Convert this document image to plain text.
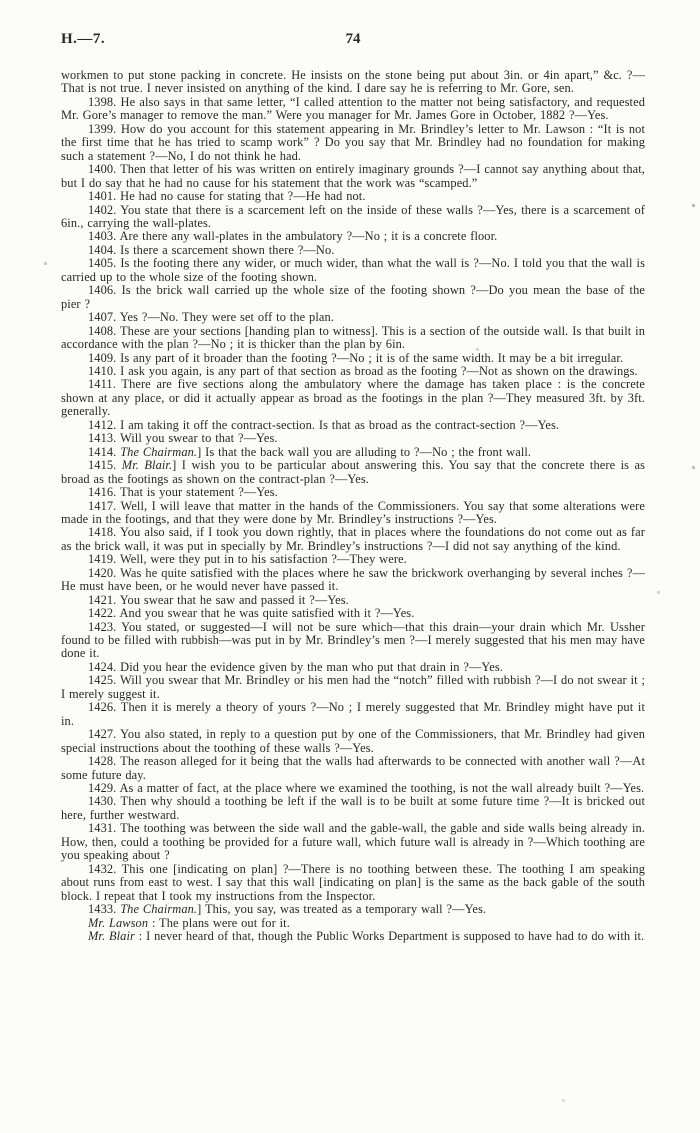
H.—7.	74

workmen to put stone packing in concrete. He insists on the stone being put about 3in. or 4in apart,” &c. ?—That is not true. I never insisted on anything of the kind. I dare say he is referring to Mr. Gore, sen.

1398. He also says in that same letter, “I called attention to the matter not being satisfactory, and requested Mr. Gore’s manager to remove the man.” Were you manager for Mr. James Gore in October, 1882 ?—Yes.

1399. How do you account for this statement appearing in Mr. Brindley’s letter to Mr. Lawson : “It is not the first time that he has tried to scamp work” ? Do you say that Mr. Brindley had no foundation for making such a statement ?—No, I do not think he had.

1400. Then that letter of his was written on entirely imaginary grounds ?—I cannot say anything about that, but I do say that he had no cause for his statement that the work was “scamped.”

1401. He had no cause for stating that ?—He had not.

1402. You state that there is a scarcement left on the inside of these walls ?—Yes, there is a scarcement of 6in., carrying the wall-plates.

1403. Are there any wall-plates in the ambulatory ?—No ; it is a concrete floor.

1404. Is there a scarcement shown there ?—No.

1405. Is the footing there any wider, or much wider, than what the wall is ?—No. I told you that the wall is carried up to the whole size of the footing shown.

1406. Is the brick wall carried up the whole size of the footing shown ?—Do you mean the base of the pier ?

1407. Yes ?—No. They were set off to the plan.

1408. These are your sections [handing plan to witness]. This is a section of the outside wall. Is that built in accordance with the plan ?—No ; it is thicker than the plan by 6in.

1409. Is any part of it broader than the footing ?—No ; it is of the same width. It may be a bit irregular.

1410. I ask you again, is any part of that section as broad as the footing ?—Not as shown on the drawings.

1411. There are five sections along the ambulatory where the damage has taken place : is the concrete shown at any place, or did it actually appear as broad as the footings in the plan ?—They measured 3ft. by 3ft. generally.

1412. I am taking it off the contract-section. Is that as broad as the contract-section ?—Yes.

1413. Will you swear to that ?—Yes.

1414. The Chairman.] Is that the back wall you are alluding to ?—No ; the front wall.

1415. Mr. Blair.] I wish you to be particular about answering this. You say that the concrete there is as broad as the footings as shown on the contract-plan ?—Yes.

1416. That is your statement ?—Yes.

1417. Well, I will leave that matter in the hands of the Commissioners. You say that some alterations were made in the footings, and that they were done by Mr. Brindley’s instructions ?—Yes.

1418. You also said, if I took you down rightly, that in places where the foundations do not come out as far as the brick wall, it was put in specially by Mr. Brindley’s instructions ?—I did not say anything of the kind.

1419. Well, were they put in to his satisfaction ?—They were.

1420. Was he quite satisfied with the places where he saw the brickwork overhanging by several inches ?—He must have been, or he would never have passed it.

1421. You swear that he saw and passed it ?—Yes.

1422. And you swear that he was quite satisfied with it ?—Yes.

1423. You stated, or suggested—I will not be sure which—that this drain—your drain which Mr. Ussher found to be filled with rubbish—was put in by Mr. Brindley’s men ?—I merely suggested that his men may have done it.

1424. Did you hear the evidence given by the man who put that drain in ?—Yes.

1425. Will you swear that Mr. Brindley or his men had the “notch” filled with rubbish ?—I do not swear it ; I merely suggest it.

1426. Then it is merely a theory of yours ?—No ; I merely suggested that Mr. Brindley might have put it in.

1427. You also stated, in reply to a question put by one of the Commissioners, that Mr. Brindley had given special instructions about the toothing of these walls ?—Yes.

1428. The reason alleged for it being that the walls had afterwards to be connected with another wall ?—At some future day.

1429. As a matter of fact, at the place where we examined the toothing, is not the wall already built ?—Yes.

1430. Then why should a toothing be left if the wall is to be built at some future time ?—It is bricked out here, further westward.

1431. The toothing was between the side wall and the gable-wall, the gable and side walls being already in. How, then, could a toothing be provided for a future wall, which future wall is already in ?—Which toothing are you speaking about ?

1432. This one [indicating on plan] ?—There is no toothing between these. The toothing I am speaking about runs from east to west. I say that this wall [indicating on plan] is the same as the back gable of the south block. I repeat that I took my instructions from the Inspector.

1433. The Chairman.] This, you say, was treated as a temporary wall ?—Yes.

Mr. Lawson : The plans were out for it.

Mr. Blair : I never heard of that, though the Public Works Department is supposed to have had to do with it.
